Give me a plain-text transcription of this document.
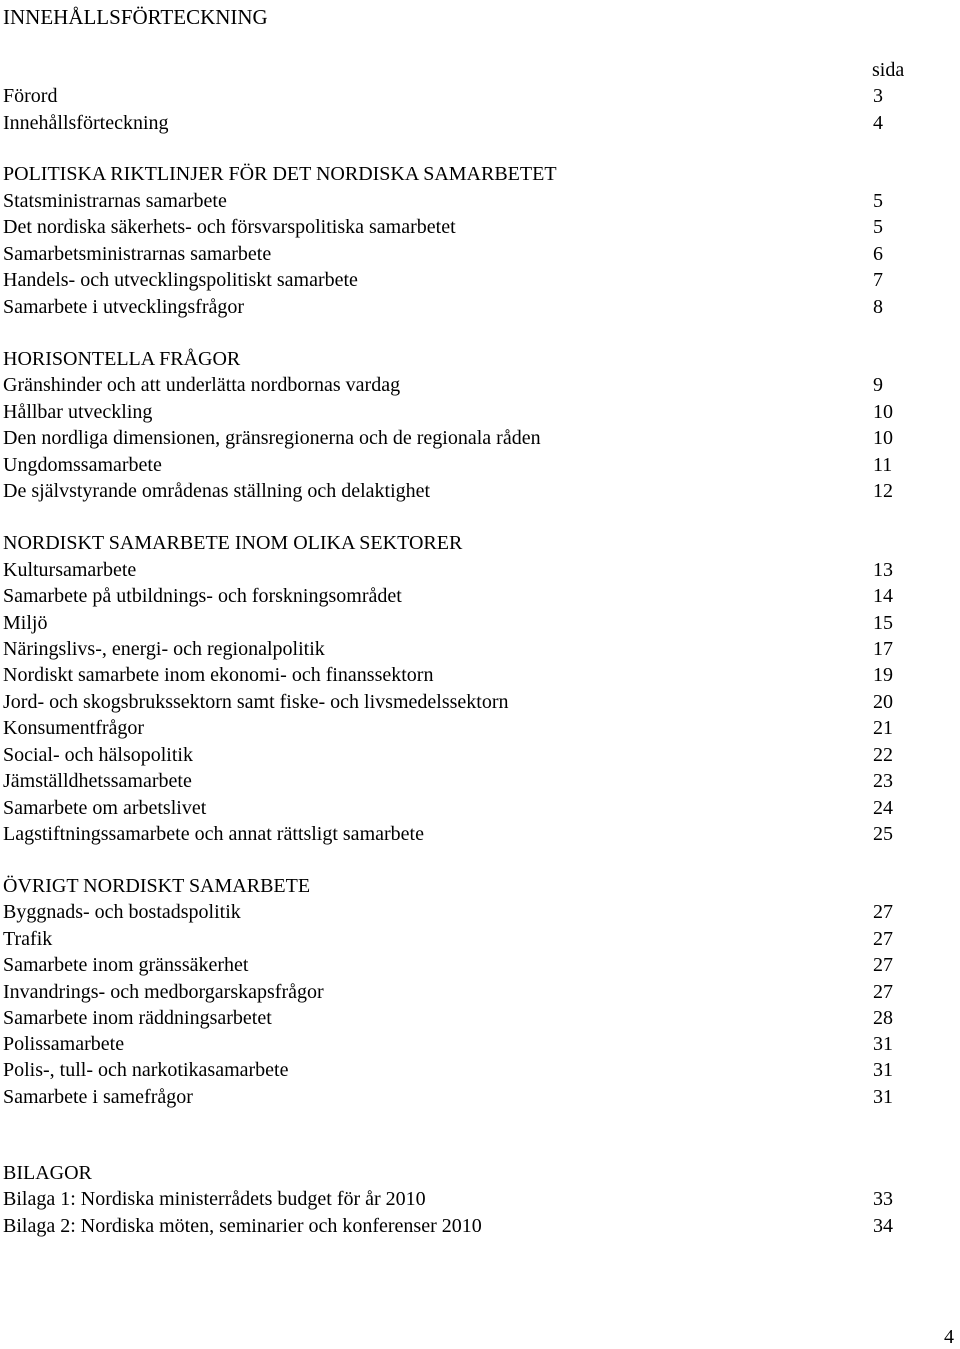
INNEHÅLLSFÖRTECKNING
sida
Förord	3
Innehållsförteckning	4
POLITISKA RIKTLINJER FÖR DET NORDISKA SAMARBETET
Statsministrarnas samarbete	5
Det nordiska säkerhets- och försvarspolitiska samarbetet	5
Samarbetsministrarnas samarbete	6
Handels- och utvecklingspolitiskt samarbete	7
Samarbete i utvecklingsfrågor	8
HORISONTELLA FRÅGOR
Gränshinder och att underlätta nordbornas vardag	9
Hållbar utveckling	10
Den nordliga dimensionen, gränsregionerna och de regionala råden	10
Ungdomssamarbete	11
De självstyrande områdenas ställning och delaktighet	12
NORDISKT SAMARBETE INOM OLIKA SEKTORER
Kultursamarbete	13
Samarbete på utbildnings- och forskningsområdet	14
Miljö	15
Näringslivs-, energi- och regionalpolitik	17
Nordiskt samarbete inom ekonomi- och finanssektorn	19
Jord- och skogsbrukssektorn samt fiske- och livsmedelssektorn	20
Konsumentfrågor	21
Social- och hälsopolitik	22
Jämställdhetssamarbete	23
Samarbete om arbetslivet	24
Lagstiftningssamarbete och annat rättsligt samarbete	25
ÖVRIGT NORDISKT SAMARBETE
Byggnads- och bostadspolitik	27
Trafik	27
Samarbete inom gränssäkerhet	27
Invandrings- och medborgarskapsfrågor	27
Samarbete inom räddningsarbetet	28
Polissamarbete	31
Polis-, tull- och narkotikasamarbete	31
Samarbete i samefrågor	31
BILAGOR
Bilaga 1: Nordiska ministerrådets budget för år 2010	33
Bilaga 2: Nordiska möten, seminarier och konferenser 2010	34
4
